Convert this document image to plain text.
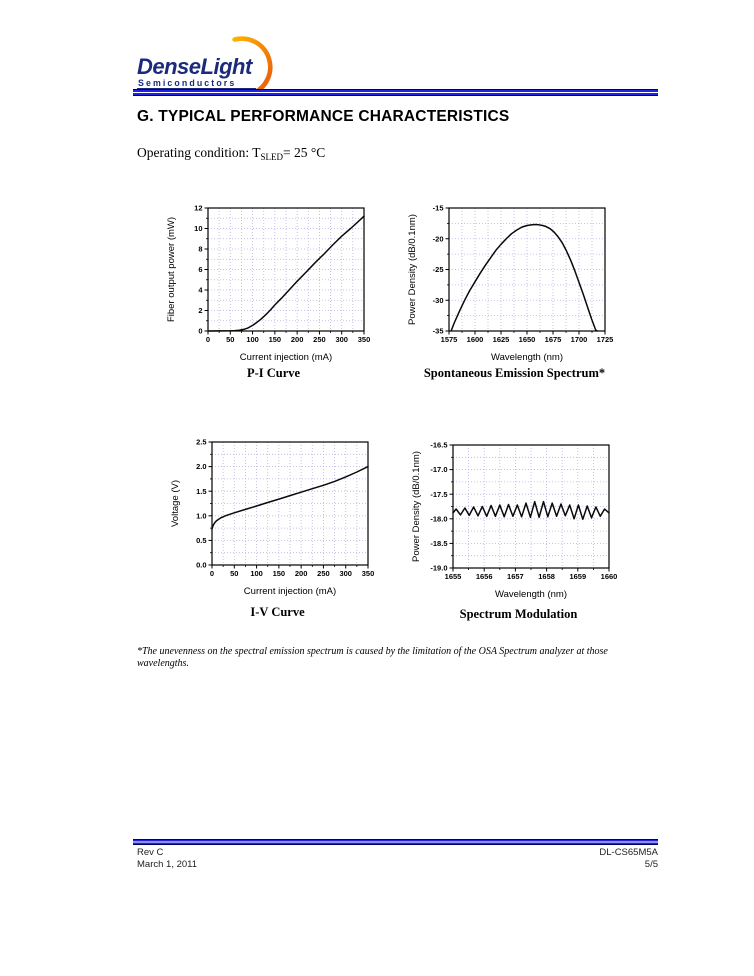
DenseLight
Semiconductors
G. TYPICAL PERFORMANCE CHARACTERISTICS
Operating condition: $T_{SLED}= 25$ °C
0 50 100 150 200 250 300 350
0
2
4
6
8
10
12
Current injection (mA)
Fiber output power (mW)
P-I Curve
1575 1600 1625 1650 1675 1700 1725
-35
-30
-25
-20
-15
Wavelength (nm)
Power Density (dB/0.1nm)
Spontaneous Emission Spectrum*
0 50 100 150 200 250 300 350
0.0
0.5
1.0
1.5
2.0
2.5
Current injection (mA)
Voltage (V)
I-V Curve
1655 1656 1657 1658 1659 1660
-19.0
-18.5
-18.0
-17.5
-17.0
-16.5
Wavelength (nm)
Power Density (dB/0.1nm)
Spectrum Modulation
*The unevenness on the spectral emission spectrum is caused by the limitation of the OSA Spectrum analyzer at those wavelengths.
Rev C
March 1, 2011
DL-CS65M5A
5/5
